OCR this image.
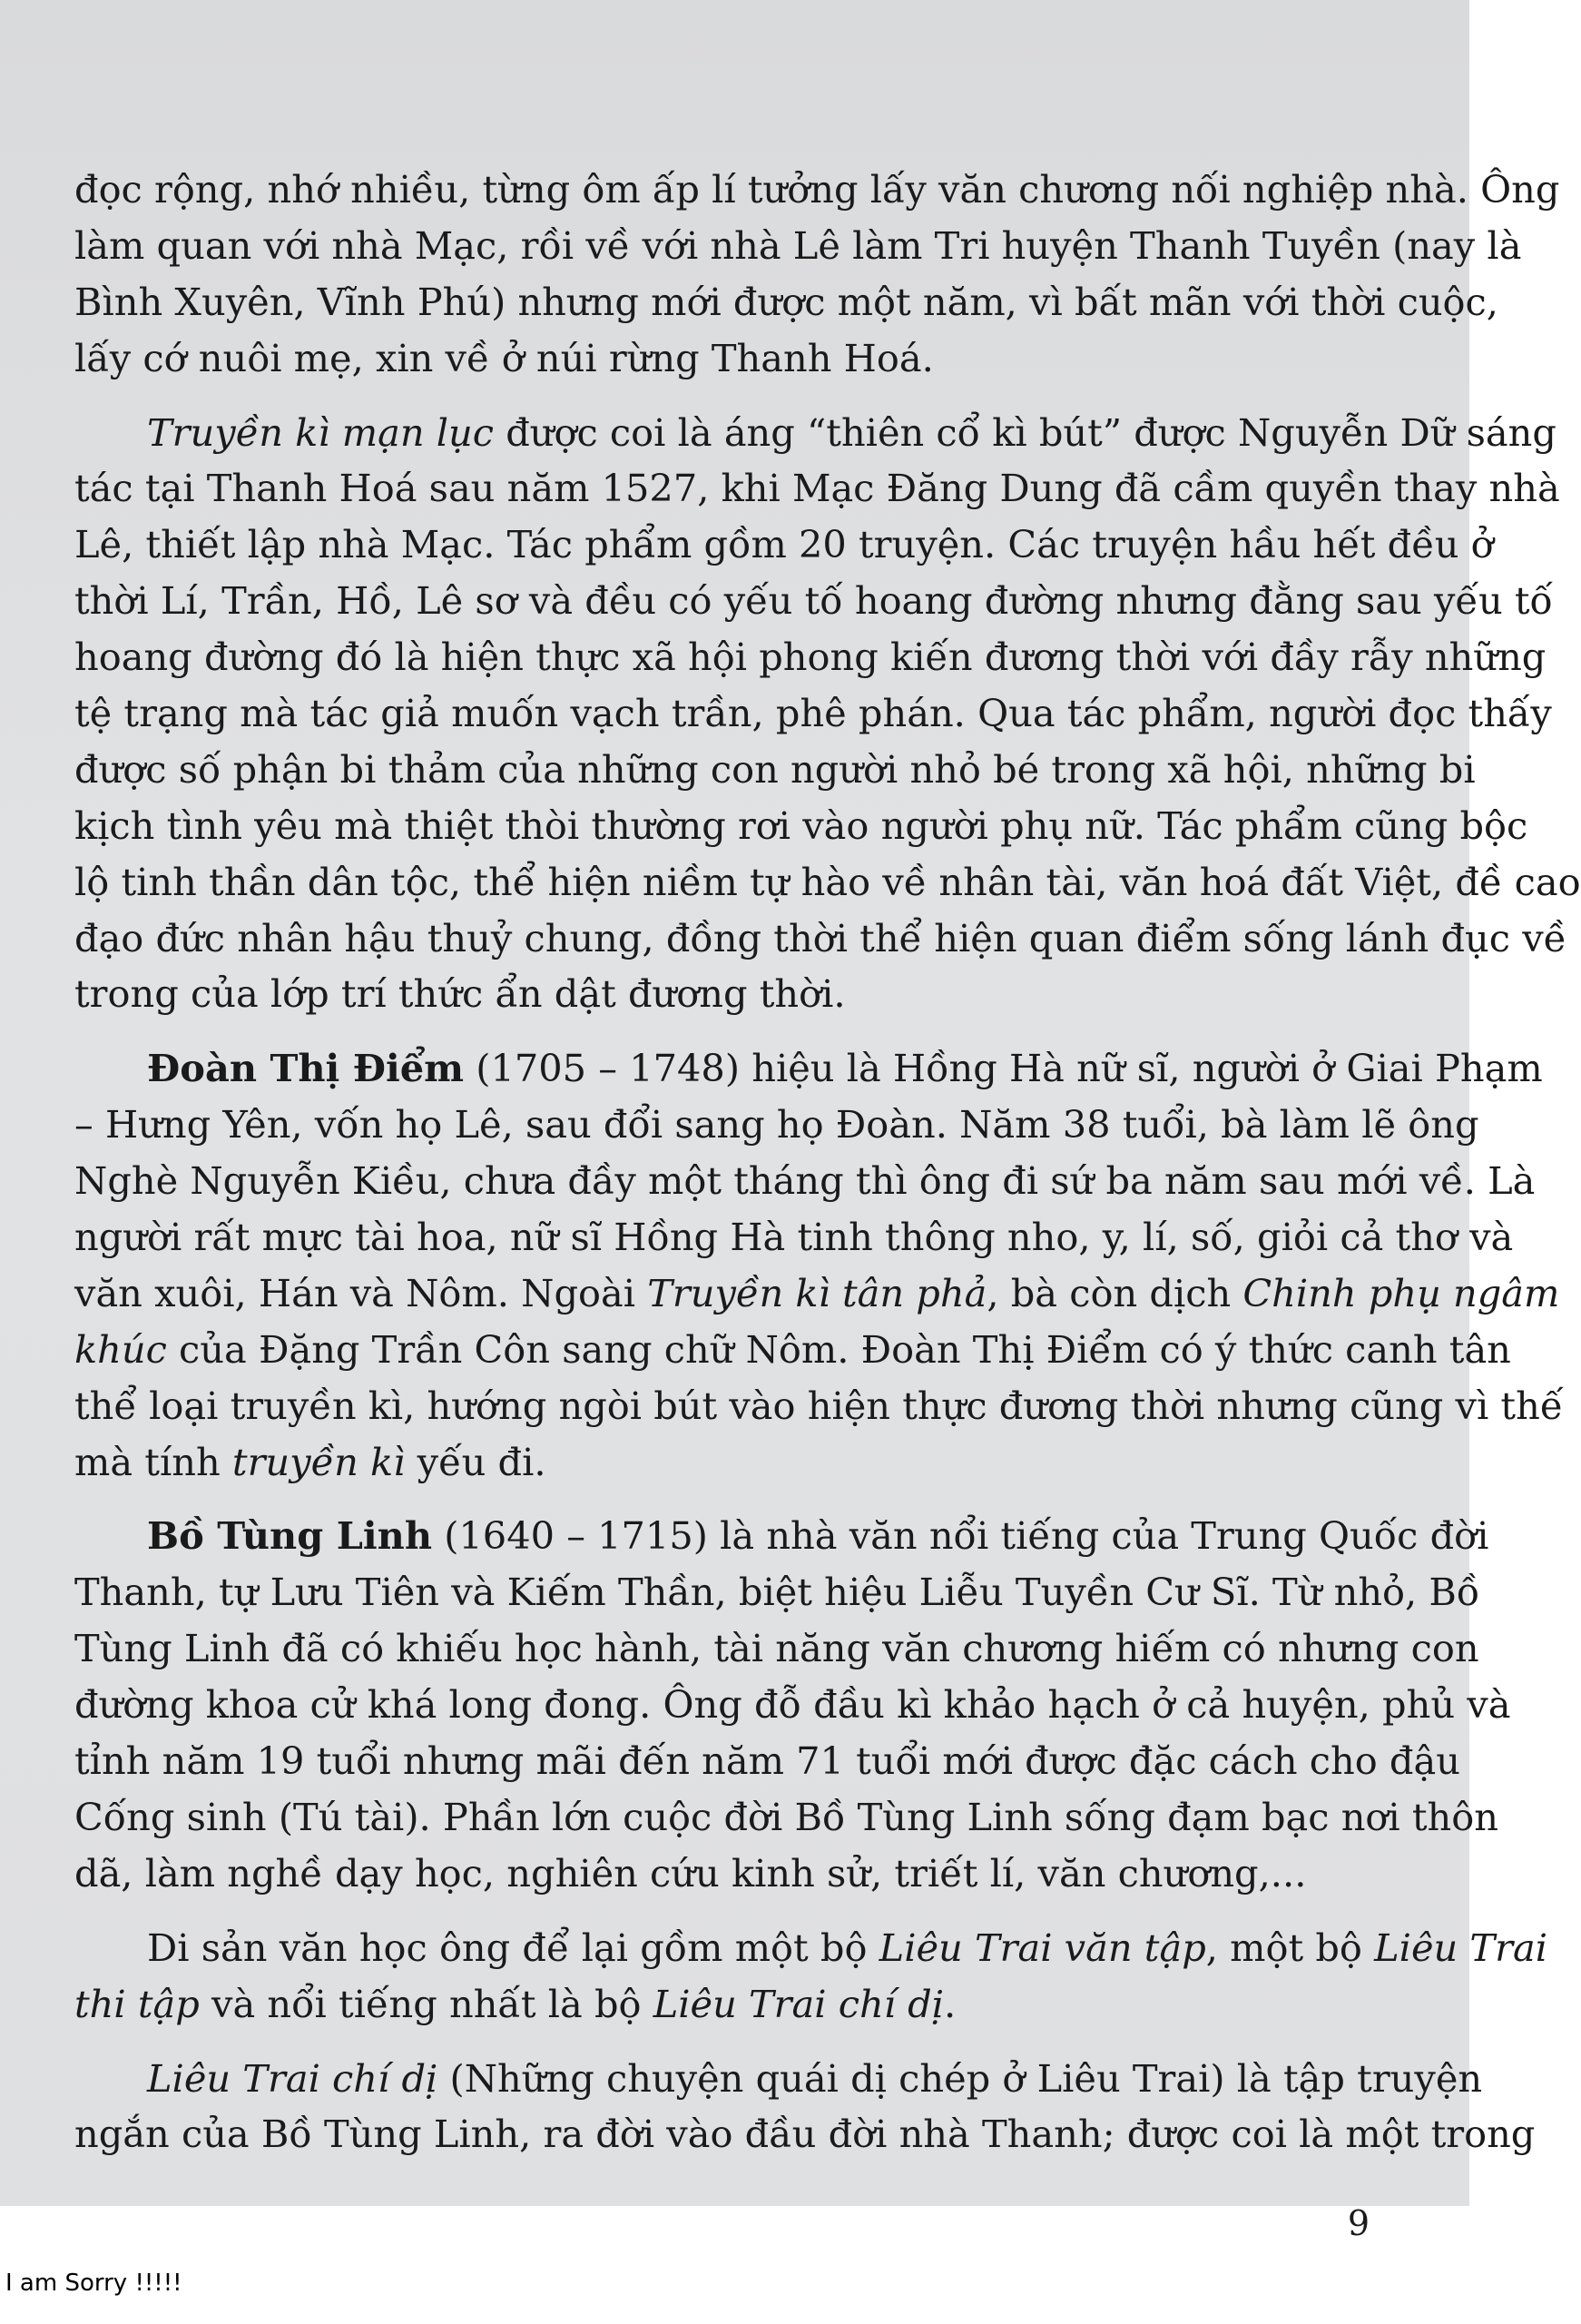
đọc rộng, nhớ nhiều, từng ôm ấp lí tưởng lấy văn chương nối nghiệp nhà. Ông
làm quan với nhà Mạc, rồi về với nhà Lê làm Tri huyện Thanh Tuyền (nay là
Bình Xuyên, Vĩnh Phú) nhưng mới được một năm, vì bất mãn với thời cuộc,
lấy cớ nuôi mẹ, xin về ở núi rừng Thanh Hoá.
Truyền kì mạn lục được coi là áng “thiên cổ kì bút” được Nguyễn Dữ sáng
tác tại Thanh Hoá sau năm 1527, khi Mạc Đăng Dung đã cầm quyền thay nhà
Lê, thiết lập nhà Mạc. Tác phẩm gồm 20 truyện. Các truyện hầu hết đều ở
thời Lí, Trần, Hồ, Lê sơ và đều có yếu tố hoang đường nhưng đằng sau yếu tố
hoang đường đó là hiện thực xã hội phong kiến đương thời với đầy rẫy những
tệ trạng mà tác giả muốn vạch trần, phê phán. Qua tác phẩm, người đọc thấy
được số phận bi thảm của những con người nhỏ bé trong xã hội, những bi
kịch tình yêu mà thiệt thòi thường rơi vào người phụ nữ. Tác phẩm cũng bộc
lộ tinh thần dân tộc, thể hiện niềm tự hào về nhân tài, văn hoá đất Việt, đề cao
đạo đức nhân hậu thuỷ chung, đồng thời thể hiện quan điểm sống lánh đục về
trong của lớp trí thức ẩn dật đương thời.
Đoàn Thị Điểm (1705 – 1748) hiệu là Hồng Hà nữ sĩ, người ở Giai Phạm
– Hưng Yên, vốn họ Lê, sau đổi sang họ Đoàn. Năm 38 tuổi, bà làm lẽ ông
Nghè Nguyễn Kiều, chưa đầy một tháng thì ông đi sứ ba năm sau mới về. Là
người rất mực tài hoa, nữ sĩ Hồng Hà tinh thông nho, y, lí, số, giỏi cả thơ và
văn xuôi, Hán và Nôm. Ngoài Truyền kì tân phả, bà còn dịch Chinh phụ ngâm
khúc của Đặng Trần Côn sang chữ Nôm. Đoàn Thị Điểm có ý thức canh tân
thể loại truyền kì, hướng ngòi bút vào hiện thực đương thời nhưng cũng vì thế
mà tính truyền kì yếu đi.
Bồ Tùng Linh (1640 – 1715) là nhà văn nổi tiếng của Trung Quốc đời
Thanh, tự Lưu Tiên và Kiếm Thần, biệt hiệu Liễu Tuyền Cư Sĩ. Từ nhỏ, Bồ
Tùng Linh đã có khiếu học hành, tài năng văn chương hiếm có nhưng con
đường khoa cử khá long đong. Ông đỗ đầu kì khảo hạch ở cả huyện, phủ và
tỉnh năm 19 tuổi nhưng mãi đến năm 71 tuổi mới được đặc cách cho đậu
Cống sinh (Tú tài). Phần lớn cuộc đời Bồ Tùng Linh sống đạm bạc nơi thôn
dã, làm nghề dạy học, nghiên cứu kinh sử, triết lí, văn chương,...
Di sản văn học ông để lại gồm một bộ Liêu Trai văn tập, một bộ Liêu Trai
thi tập và nổi tiếng nhất là bộ Liêu Trai chí dị.
Liêu Trai chí dị (Những chuyện quái dị chép ở Liêu Trai) là tập truyện
ngắn của Bồ Tùng Linh, ra đời vào đầu đời nhà Thanh; được coi là một trong
9
I am Sorry !!!!!
